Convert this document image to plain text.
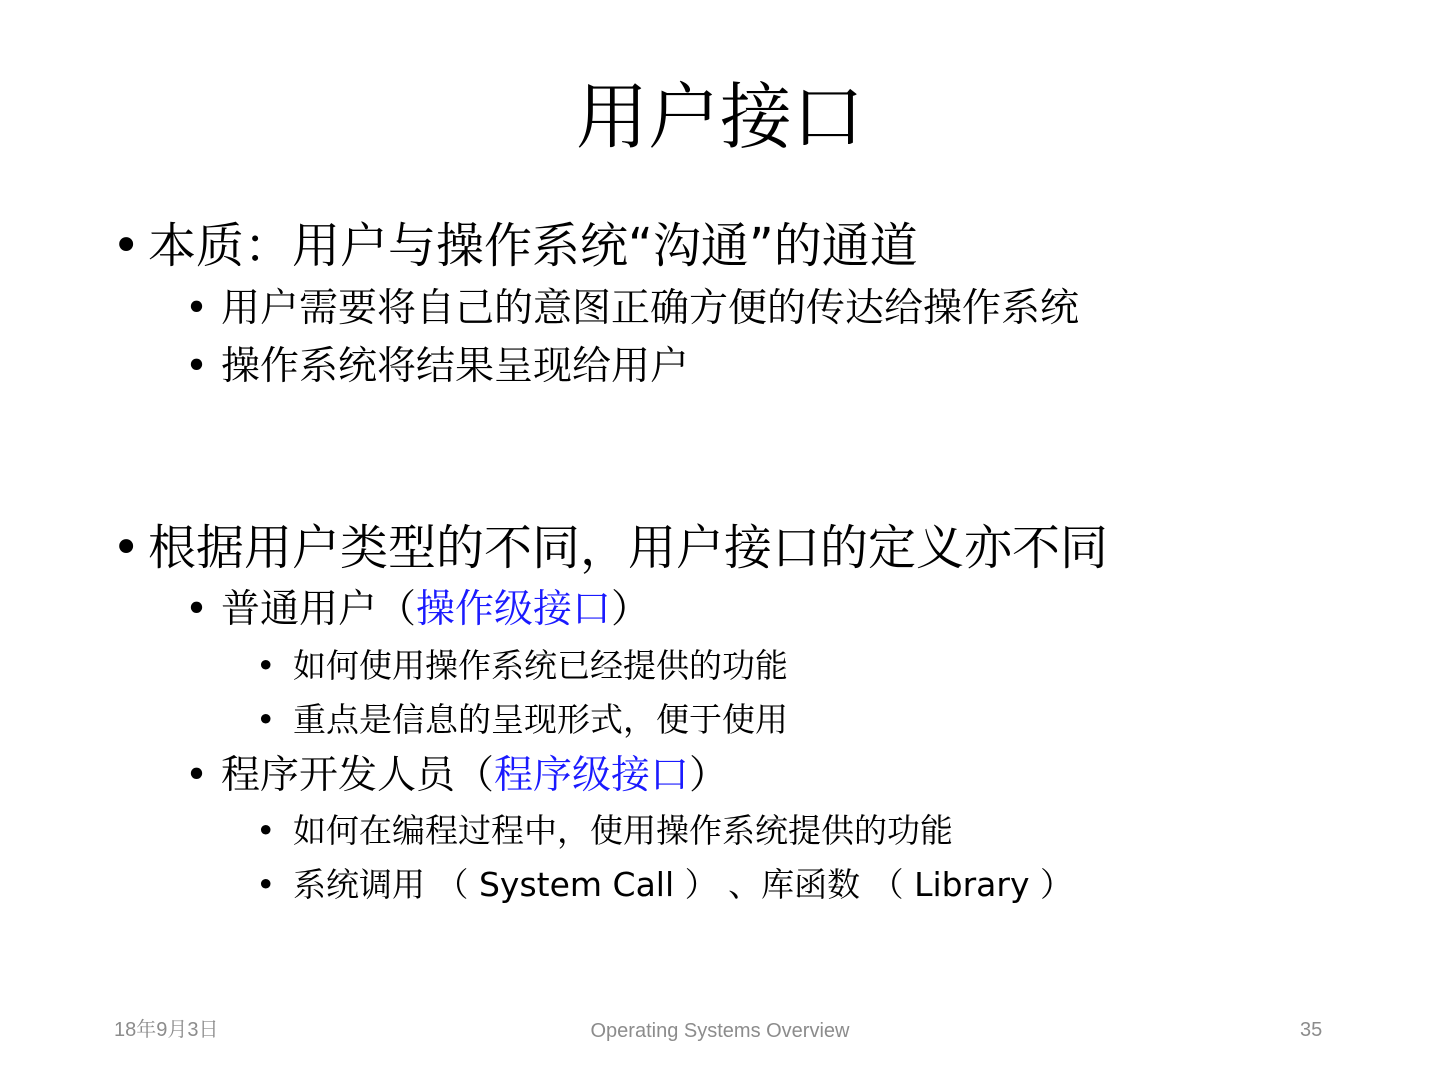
用户接口
• 本质：用户与操作系统“沟通”的通道
• 用户需要将自己的意图正确方便的传达给操作系统
• 操作系统将结果呈现给用户
• 根据用户类型的不同，用户接口的定义亦不同
• 普通用户 （ 操作级接口 ）
• 如何使用操作系统已经提供的功能
• 重点是信息的呈现形式，便于使用
• 程序开发人员 （ 程序级接口 ）
• 如何在编程过程中，使用操作系统提供的功能
• 系统调用 （ System Call ） 、库函数 （ Library ）
18年9月3日	Operating Systems Overview	35
